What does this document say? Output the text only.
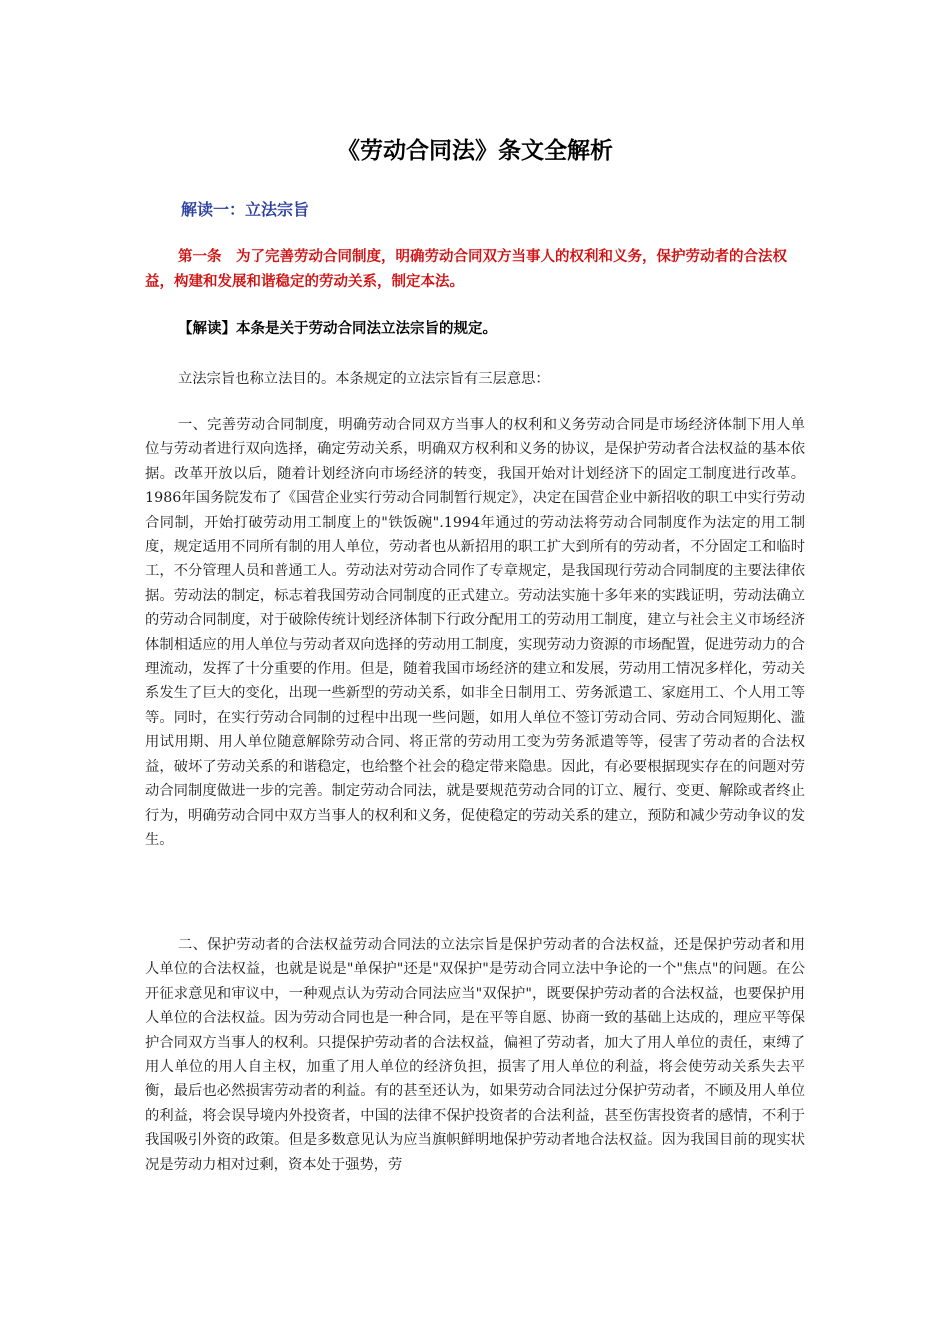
《劳动合同法》条文全解析
解读一：立法宗旨
第一条　为了完善劳动合同制度，明确劳动合同双方当事人的权利和义务，保护劳动者的合法权益，构建和发展和谐稳定的劳动关系，制定本法。
【解读】本条是关于劳动合同法立法宗旨的规定。
立法宗旨也称立法目的。本条规定的立法宗旨有三层意思：
一、完善劳动合同制度，明确劳动合同双方当事人的权利和义务劳动合同是市场经济体制下用人单位与劳动者进行双向选择，确定劳动关系，明确双方权利和义务的协议，是保护劳动者合法权益的基本依据。改革开放以后，随着计划经济向市场经济的转变，我国开始对计划经济下的固定工制度进行改革。1986年国务院发布了《国营企业实行劳动合同制暂行规定》，决定在国营企业中新招收的职工中实行劳动合同制，开始打破劳动用工制度上的"铁饭碗".1994年通过的劳动法将劳动合同制度作为法定的用工制度，规定适用不同所有制的用人单位，劳动者也从新招用的职工扩大到所有的劳动者，不分固定工和临时工，不分管理人员和普通工人。劳动法对劳动合同作了专章规定，是我国现行劳动合同制度的主要法律依据。劳动法的制定，标志着我国劳动合同制度的正式建立。劳动法实施十多年来的实践证明，劳动法确立的劳动合同制度，对于破除传统计划经济体制下行政分配用工的劳动用工制度，建立与社会主义市场经济体制相适应的用人单位与劳动者双向选择的劳动用工制度，实现劳动力资源的市场配置，促进劳动力的合理流动，发挥了十分重要的作用。但是，随着我国市场经济的建立和发展，劳动用工情况多样化，劳动关系发生了巨大的变化，出现一些新型的劳动关系，如非全日制用工、劳务派遣工、家庭用工、个人用工等等。同时，在实行劳动合同制的过程中出现一些问题，如用人单位不签订劳动合同、劳动合同短期化、滥用试用期、用人单位随意解除劳动合同、将正常的劳动用工变为劳务派遣等等，侵害了劳动者的合法权益，破坏了劳动关系的和谐稳定，也给整个社会的稳定带来隐患。因此，有必要根据现实存在的问题对劳动合同制度做进一步的完善。制定劳动合同法，就是要规范劳动合同的订立、履行、变更、解除或者终止行为，明确劳动合同中双方当事人的权利和义务，促使稳定的劳动关系的建立，预防和减少劳动争议的发生。
二、保护劳动者的合法权益劳动合同法的立法宗旨是保护劳动者的合法权益，还是保护劳动者和用人单位的合法权益，也就是说是"单保护"还是"双保护"是劳动合同立法中争论的一个"焦点"的问题。在公开征求意见和审议中，一种观点认为劳动合同法应当"双保护"，既要保护劳动者的合法权益，也要保护用人单位的合法权益。因为劳动合同也是一种合同，是在平等自愿、协商一致的基础上达成的，理应平等保护合同双方当事人的权利。只提保护劳动者的合法权益，偏袒了劳动者，加大了用人单位的责任，束缚了用人单位的用人自主权，加重了用人单位的经济负担，损害了用人单位的利益，将会使劳动关系失去平衡，最后也必然损害劳动者的利益。有的甚至还认为，如果劳动合同法过分保护劳动者，不顾及用人单位的利益，将会误导境内外投资者，中国的法律不保护投资者的合法利益，甚至伤害投资者的感情，不利于我国吸引外资的政策。但是多数意见认为应当旗帜鲜明地保护劳动者地合法权益。因为我国目前的现实状况是劳动力相对过剩，资本处于强势，劳
